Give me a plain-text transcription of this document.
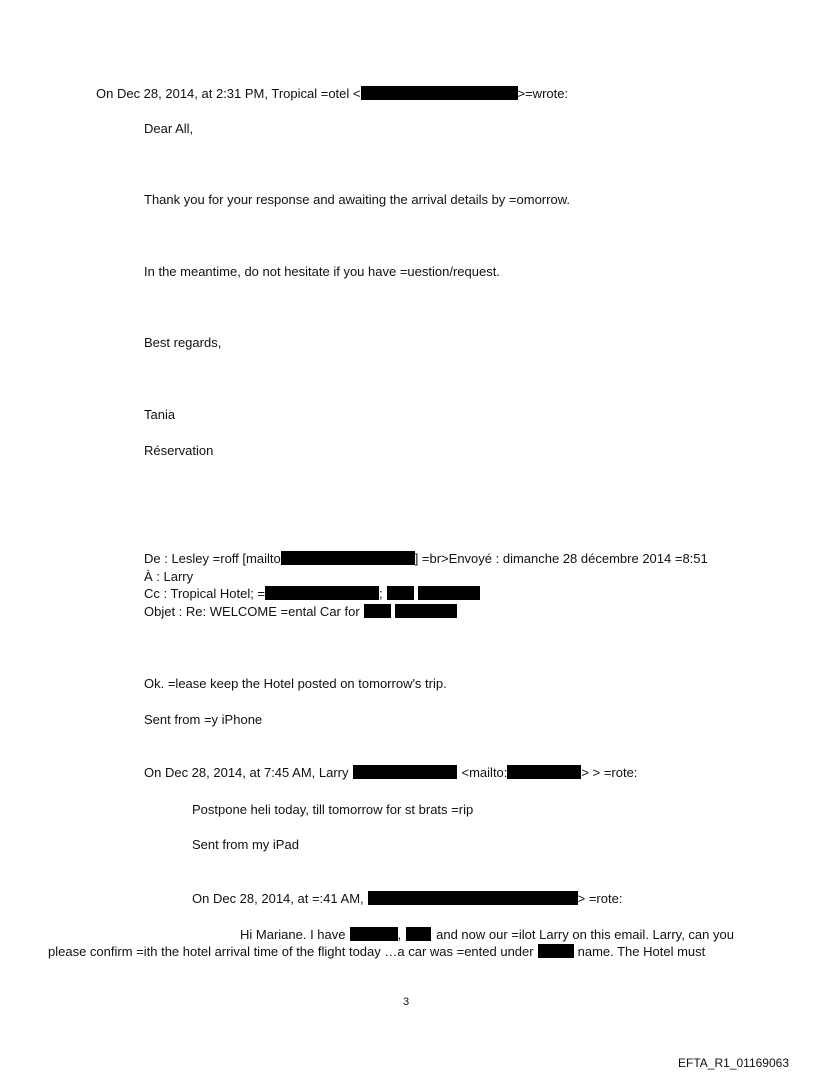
On Dec 28, 2014, at 2:31 PM, Tropical =otel <	>=wrote:
Dear All,
Thank you for your response and awaiting the arrival details by =omorrow.
In the meantime, do not hesitate if you have =uestion/request.
Best regards,
Tania
Réservation
De : Lesley =roff [mailto	] =br>Envoyé : dimanche 28 décembre 2014 =8:51
À : Larry
Cc : Tropical Hotel; =	;
Objet : Re: WELCOME =ental Car for
Ok. =lease keep the Hotel posted on tomorrow's trip.
Sent from =y iPhone
On Dec 28, 2014, at 7:45 AM, Larry	<mailto:	> > =rote:
Postpone heli today, till tomorrow for st brats =rip
Sent from my iPad
On Dec 28, 2014, at =:41 AM,	> =rote:
Hi Mariane. I have	,	and now our =ilot Larry on this email. Larry, can you
please confirm =ith the hotel arrival time of the flight today …a car was =ented under	name. The Hotel must
3
EFTA_R1_01169063
